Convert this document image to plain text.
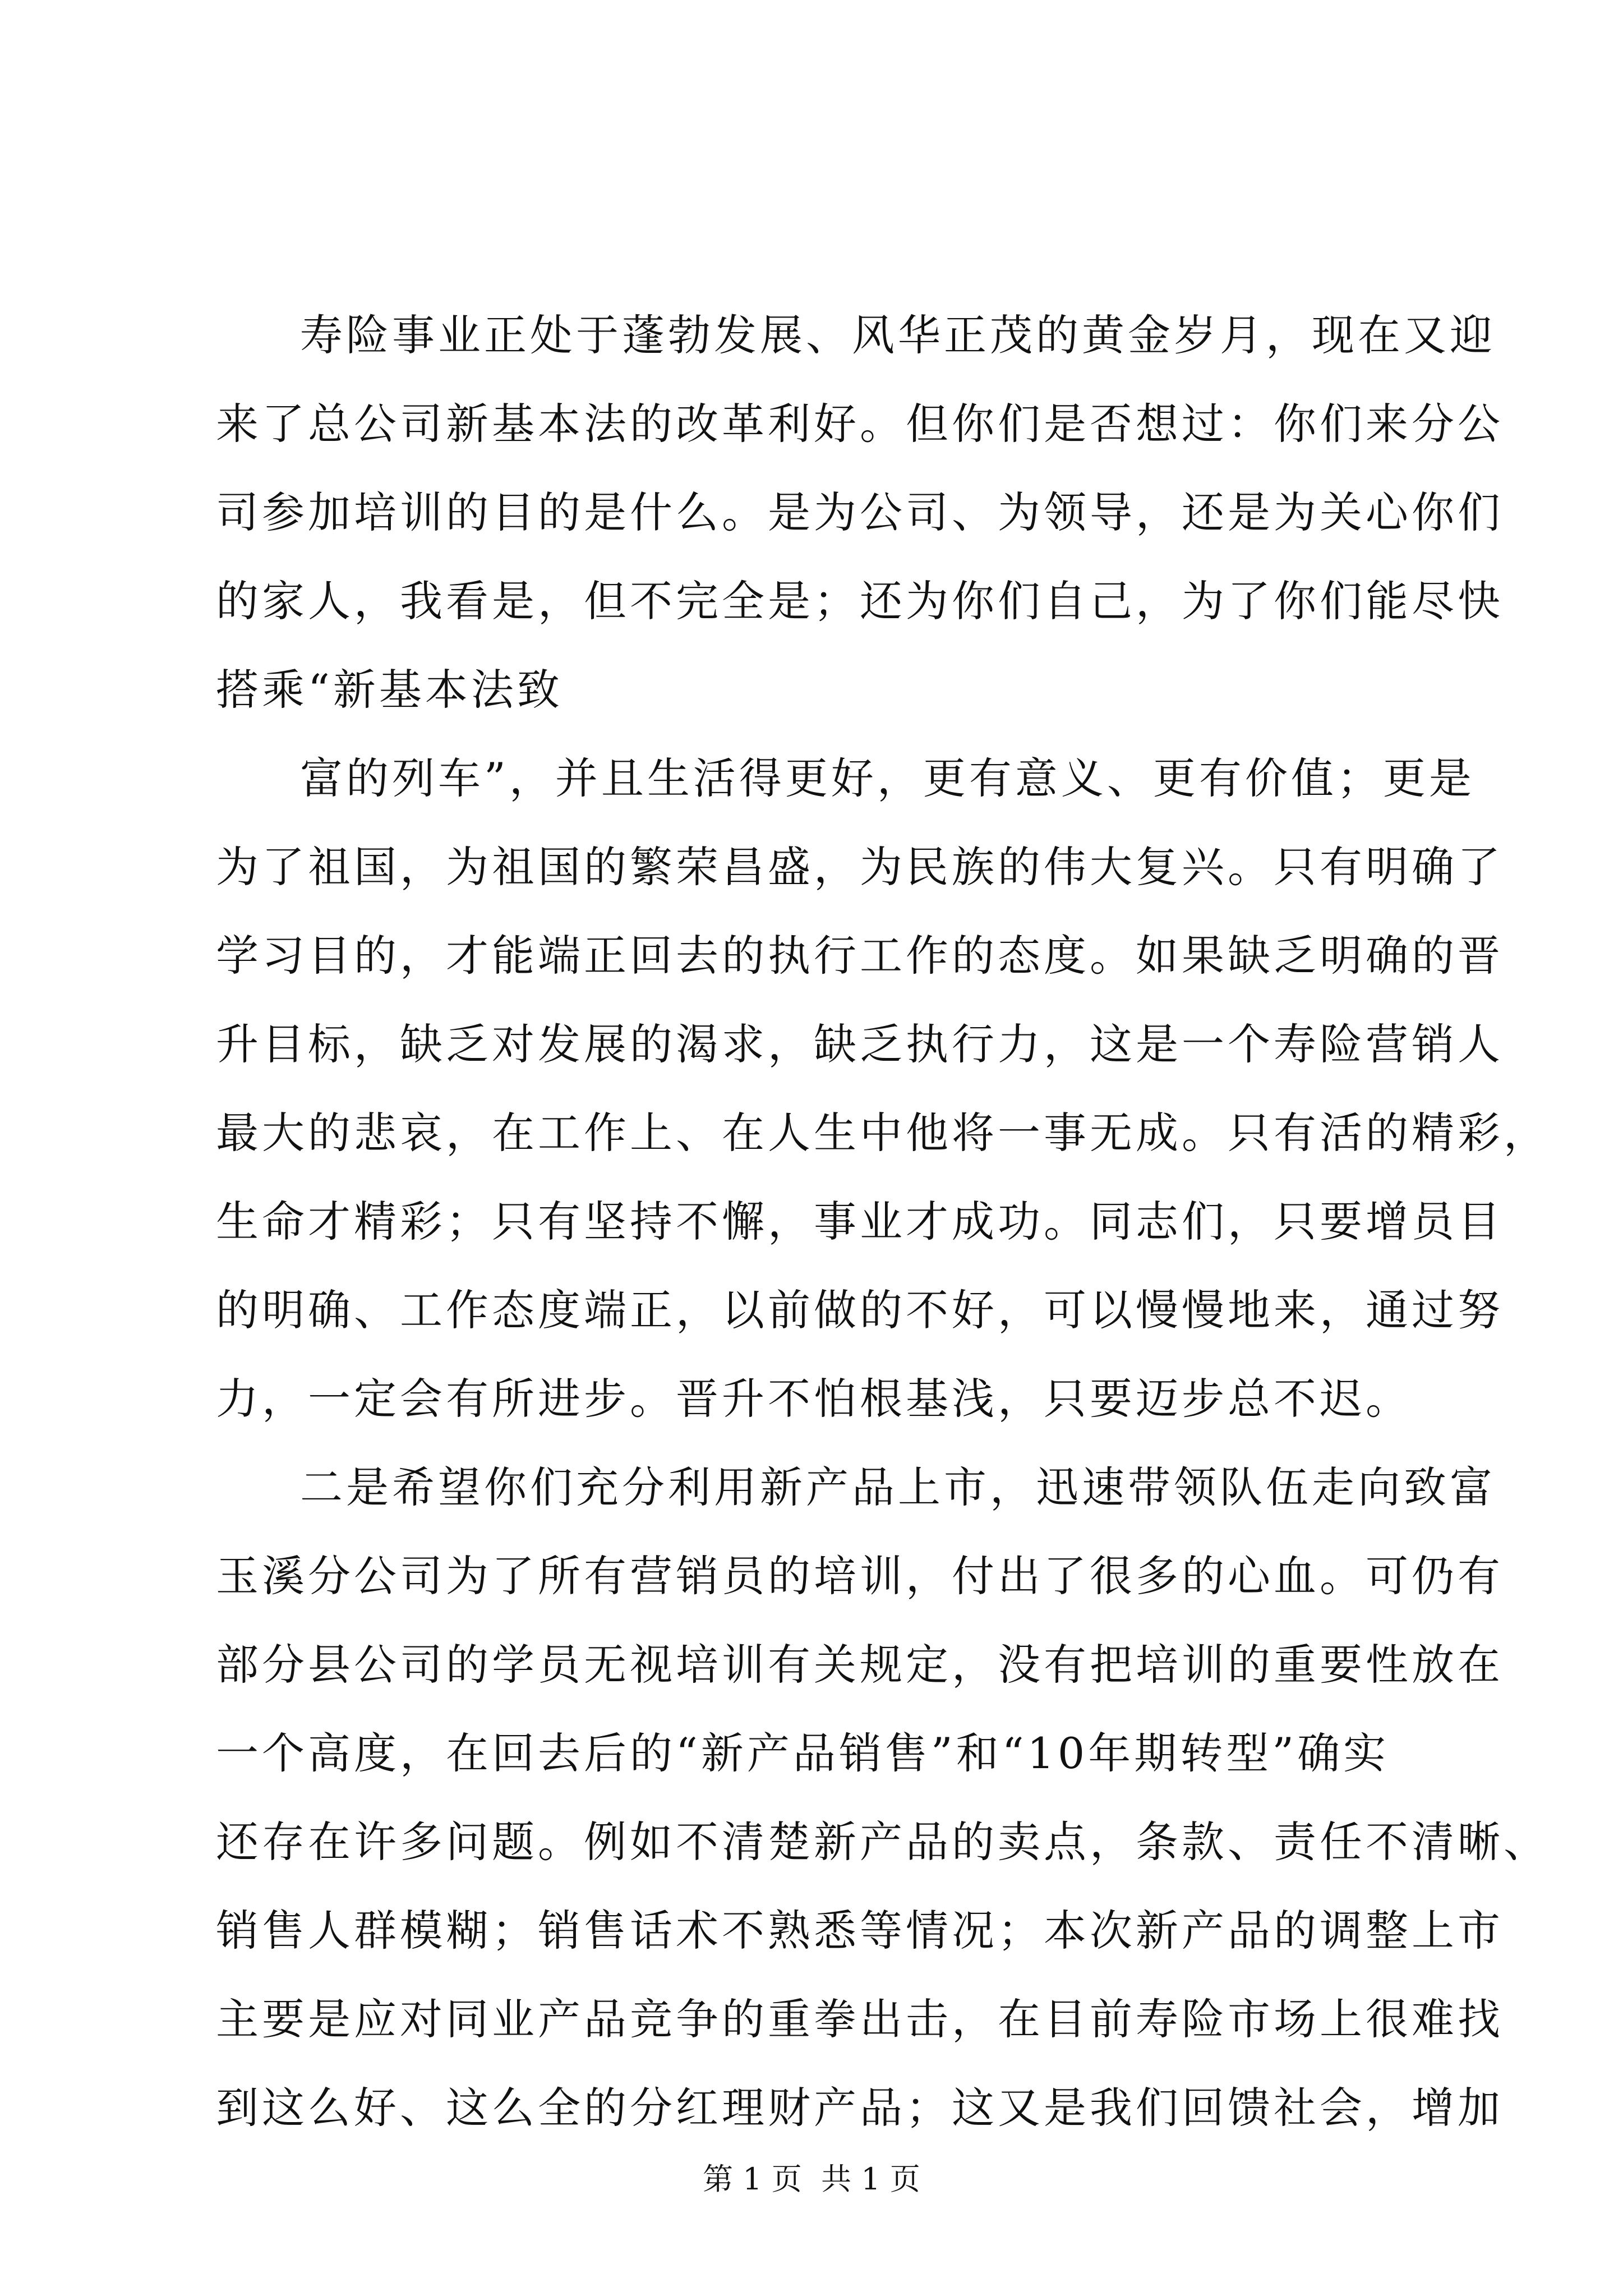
寿险事业正处于蓬勃发展、风华正茂的黄金岁月，现在又迎
来了总公司新基本法的改革利好。但你们是否想过：你们来分公
司参加培训的目的是什么。是为公司、为领导，还是为关心你们
的家人，我看是，但不完全是；还为你们自己，为了你们能尽快
搭乘“新基本法致
富的列车”，并且生活得更好，更有意义、更有价值；更是
为了祖国，为祖国的繁荣昌盛，为民族的伟大复兴。只有明确了
学习目的，才能端正回去的执行工作的态度。如果缺乏明确的晋
升目标，缺乏对发展的渴求，缺乏执行力，这是一个寿险营销人
最大的悲哀，在工作上、在人生中他将一事无成。只有活的精彩，
生命才精彩；只有坚持不懈，事业才成功。同志们，只要增员目
的明确、工作态度端正，以前做的不好，可以慢慢地来，通过努
力，一定会有所进步。晋升不怕根基浅，只要迈步总不迟。
二是希望你们充分利用新产品上市，迅速带领队伍走向致富
玉溪分公司为了所有营销员的培训，付出了很多的心血。可仍有
部分县公司的学员无视培训有关规定，没有把培训的重要性放在
一个高度，在回去后的“新产品销售”和“10年期转型”确实
还存在许多问题。例如不清楚新产品的卖点，条款、责任不清晰、
销售人群模糊；销售话术不熟悉等情况；本次新产品的调整上市
主要是应对同业产品竞争的重拳出击，在目前寿险市场上很难找
到这么好、这么全的分红理财产品；这又是我们回馈社会，增加
第 1 页  共 1 页
